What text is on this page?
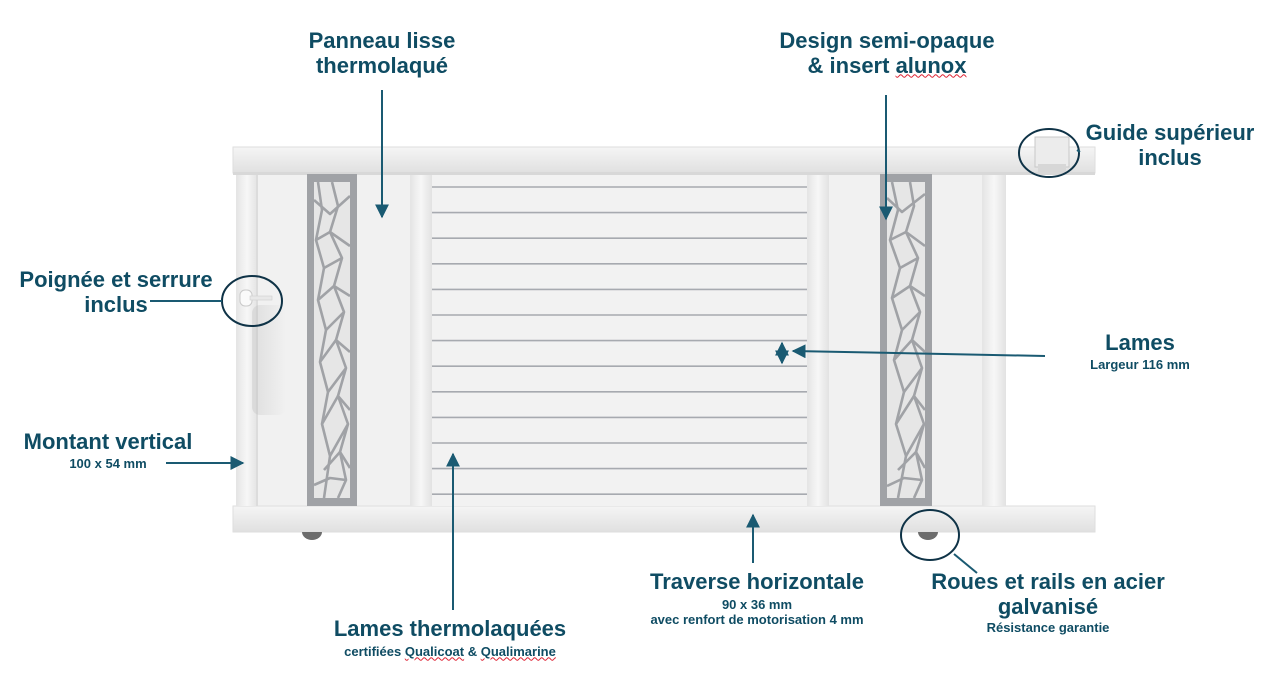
Panneau lisse
thermolaqué
Design semi-opaque
& insert alunox
Guide supérieur
inclus
Poignée et serrure
inclus
Lames
Largeur 116 mm
Montant vertical
100 x 54 mm
Traverse horizontale
90 x 36 mm
avec renfort de motorisation 4 mm
Roues et rails en acier
galvanisé
Résistance garantie
Lames thermolaquées
certifiées Qualicoat & Qualimarine
